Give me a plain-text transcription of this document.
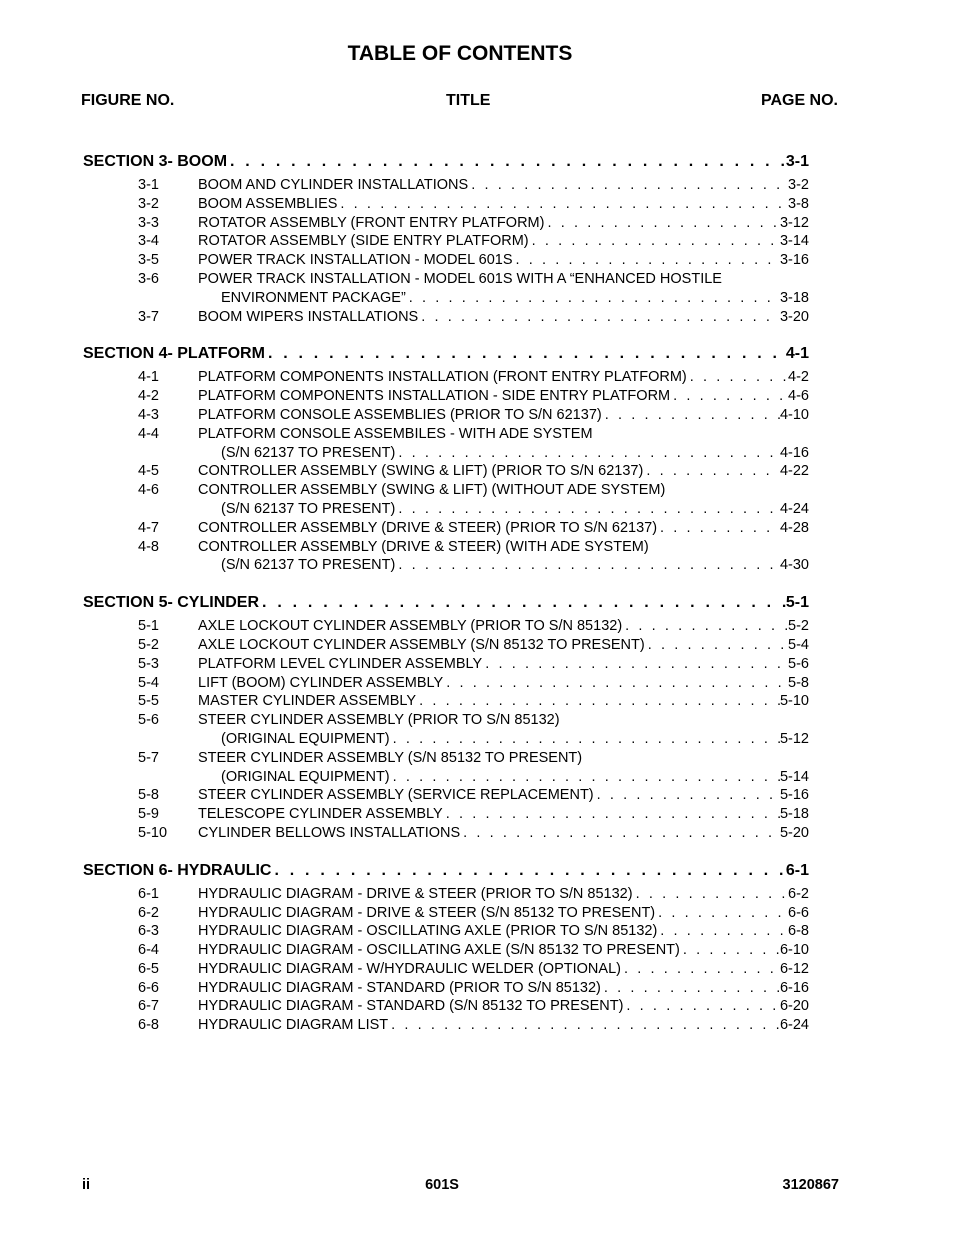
TABLE OF CONTENTS
FIGURE NO.	TITLE	PAGE NO.
SECTION 3 - BOOM . . .	3-1
3-1	BOOM AND CYLINDER INSTALLATIONS . . .	3-2
3-2	BOOM ASSEMBLIES . . .	3-8
3-3	ROTATOR ASSEMBLY (FRONT ENTRY PLATFORM) . . .	3-12
3-4	ROTATOR ASSEMBLY (SIDE ENTRY PLATFORM) . . .	3-14
3-5	POWER TRACK INSTALLATION - MODEL 601S . . .	3-16
3-6	POWER TRACK INSTALLATION - MODEL 601S WITH A “ENHANCED HOSTILE
ENVIRONMENT PACKAGE” . . .	3-18
3-7	BOOM WIPERS INSTALLATIONS . . .	3-20
SECTION 4 - PLATFORM . . .	4-1
4-1	PLATFORM COMPONENTS INSTALLATION (FRONT ENTRY PLATFORM) . . .	4-2
4-2	PLATFORM COMPONENTS INSTALLATION - SIDE ENTRY PLATFORM . . .	4-6
4-3	PLATFORM CONSOLE ASSEMBLIES (PRIOR TO S/N 62137) . . .	4-10
4-4	PLATFORM CONSOLE ASSEMBILES - WITH ADE SYSTEM
(S/N 62137 TO PRESENT) . . .	4-16
4-5	CONTROLLER ASSEMBLY (SWING & LIFT) (PRIOR TO S/N 62137) . . .	4-22
4-6	CONTROLLER ASSEMBLY (SWING & LIFT) (WITHOUT ADE SYSTEM)
(S/N 62137 TO PRESENT) . . .	4-24
4-7	CONTROLLER ASSEMBLY (DRIVE & STEER) (PRIOR TO S/N 62137) . . .	4-28
4-8	CONTROLLER ASSEMBLY (DRIVE & STEER) (WITH ADE SYSTEM)
(S/N 62137 TO PRESENT) . . .	4-30
SECTION 5 - CYLINDER . . .	5-1
5-1	AXLE LOCKOUT CYLINDER ASSEMBLY (PRIOR TO S/N 85132) . . .	5-2
5-2	AXLE LOCKOUT CYLINDER ASSEMBLY (S/N 85132 TO PRESENT) . . .	5-4
5-3	PLATFORM LEVEL CYLINDER ASSEMBLY . . .	5-6
5-4	LIFT (BOOM) CYLINDER ASSEMBLY . . .	5-8
5-5	MASTER CYLINDER ASSEMBLY . . .	5-10
5-6	STEER CYLINDER ASSEMBLY (PRIOR TO S/N 85132)
(ORIGINAL EQUIPMENT) . . .	5-12
5-7	STEER CYLINDER ASSEMBLY (S/N 85132 TO PRESENT)
(ORIGINAL EQUIPMENT) . . .	5-14
5-8	STEER CYLINDER ASSEMBLY (SERVICE REPLACEMENT) . . .	5-16
5-9	TELESCOPE CYLINDER ASSEMBLY . . .	5-18
5-10 CYLINDER BELLOWS INSTALLATIONS . . .	5-20
SECTION 6 - HYDRAULIC . . .	6-1
6-1	HYDRAULIC DIAGRAM - DRIVE & STEER (PRIOR TO S/N 85132) . . .	6-2
6-2	HYDRAULIC DIAGRAM - DRIVE & STEER (S/N 85132 TO PRESENT) . . .	6-6
6-3	HYDRAULIC DIAGRAM - OSCILLATING AXLE (PRIOR TO S/N 85132) . . .	6-8
6-4	HYDRAULIC DIAGRAM - OSCILLATING AXLE (S/N 85132 TO PRESENT) . . .	6-10
6-5	HYDRAULIC DIAGRAM - W/HYDRAULIC WELDER (OPTIONAL) . . .	6-12
6-6	HYDRAULIC DIAGRAM - STANDARD (PRIOR TO S/N 85132) . . .	6-16
6-7	HYDRAULIC DIAGRAM - STANDARD (S/N 85132 TO PRESENT) . . .	6-20
6-8	HYDRAULIC DIAGRAM LIST . . .	6-24
ii	601S	3120867
